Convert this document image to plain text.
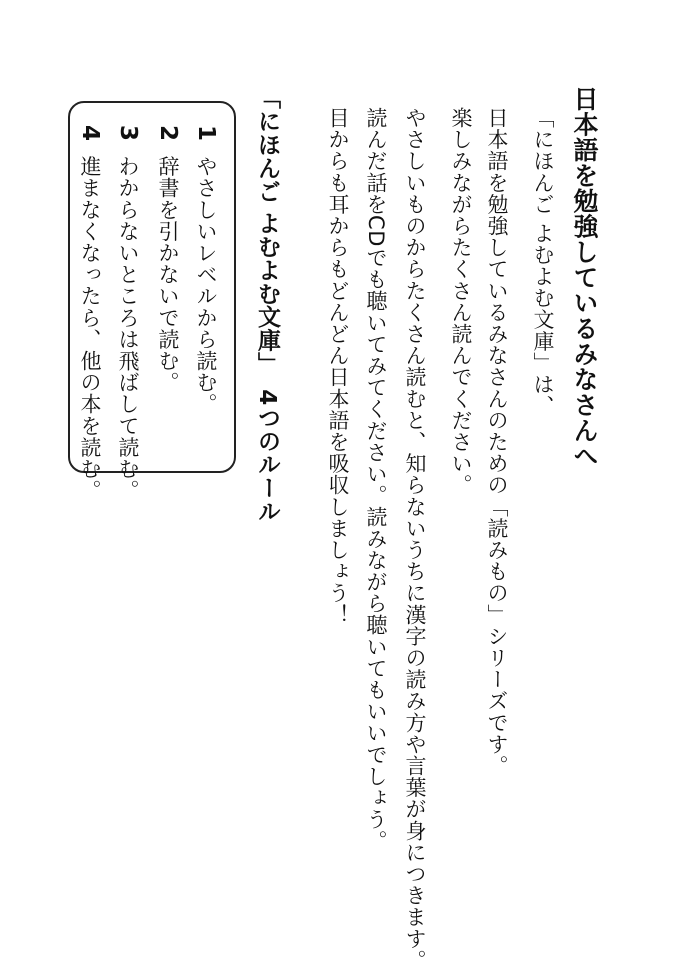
日本語を勉強しているみなさんへ
「にほんご よむよむ文庫」は、
日本語を勉強しているみなさんのための「読みもの」シリーズです。
楽しみながらたくさん読んでください。
やさしいものからたくさん読むと、知らないうちに漢字の読み方や言葉が身につきます。
読んだ話をCDでも聴いてみてください。読みながら聴いてもいいでしょう。
目からも耳からもどんどん日本語を吸収しましょう！
「にほんご よむよむ文庫」4つのルール
1やさしいレベルから読む。
2辞書を引かないで読む。
3わからないところは飛ばして読む。
4進まなくなったら、他の本を読む。
